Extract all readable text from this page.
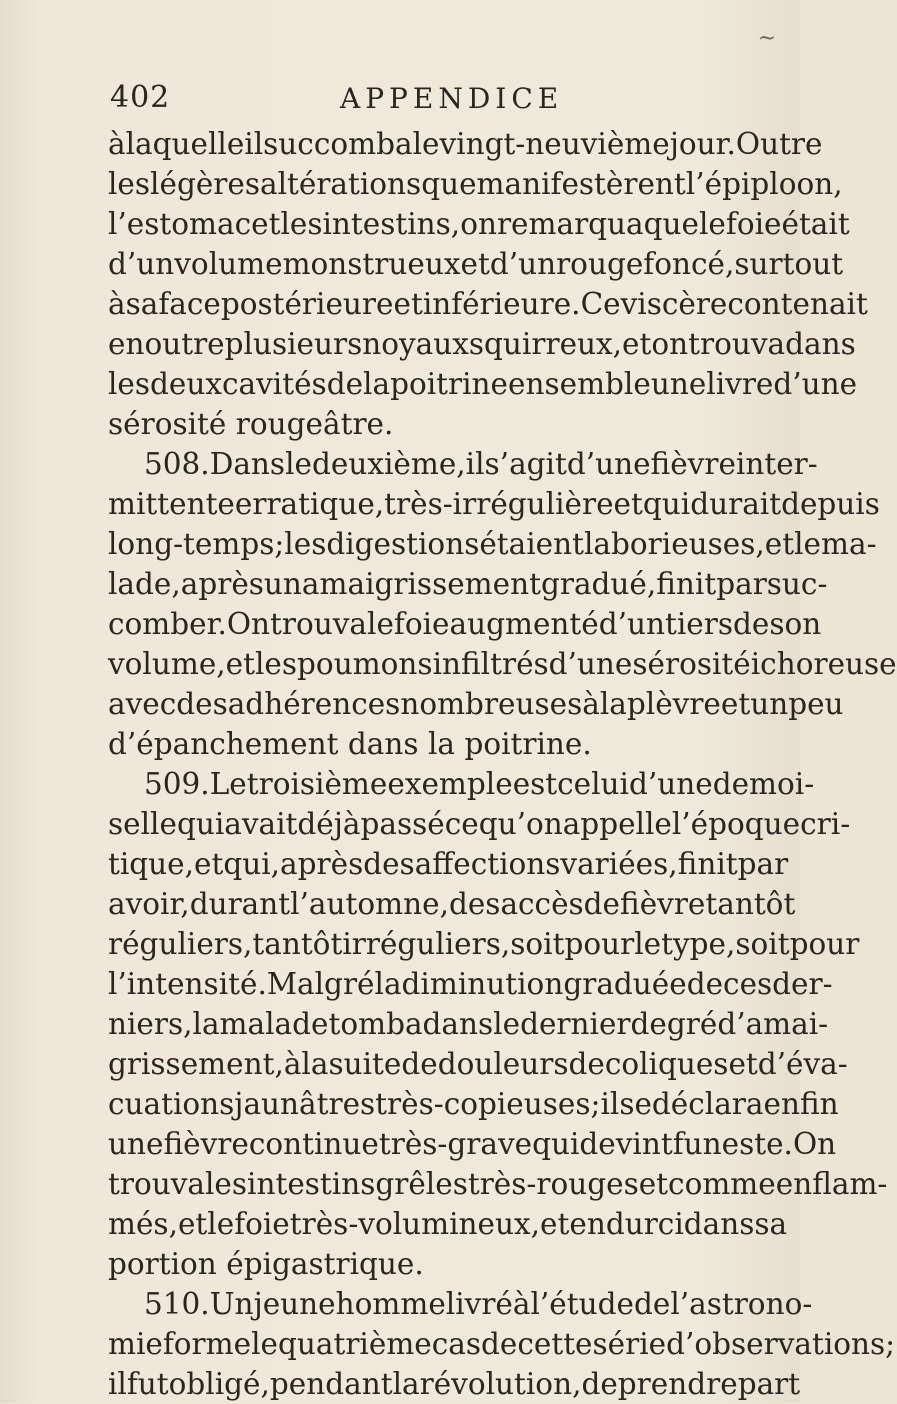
~
402	APPENDICE
à laquelle il succomba le vingt-neuvième jour. Outre
les légères altérations que manifestèrent l’épiploon,
l’estomac et les intestins, on remarqua que le foie était
d’un volume monstrueux et d’un rouge foncé, surtout
à sa face postérieure et inférieure. Ce viscère contenait
en outre plusieurs noyaux squirreux, et on trouva dans
les deux cavités de la poitrine ensemble une livre d’une
sérosité rougeâtre.
508. Dans le deuxième, il s’agit d’une fièvre inter-
mittente erratique, très-irrégulière et qui durait depuis
long-temps; les digestions étaient laborieuses, et le ma-
lade, après un amaigrissement gradué, finit par suc-
comber. On trouva le foie augmenté d’un tiers de son
volume, et les poumons infiltrés d’une sérosité ichoreuse
avec des adhérences nombreuses à la plèvre et un peu
d’épanchement dans la poitrine.
509. Le troisième exemple est celui d’une demoi-
selle qui avait déjà passé ce qu’on appelle l’époque cri-
tique, et qui, après des affections variées, finit par
avoir, durant l’automne, des accès de fièvre tantôt
réguliers, tantôt irréguliers, soit pour le type, soit pour
l’intensité. Malgré la diminution graduée de ces der-
niers, la malade tomba dans le dernier degré d’amai-
grissement, à la suite de douleurs de coliques et d’éva-
cuations jaunâtres très-copieuses; il se déclara enfin
une fièvre continue très-grave qui devint funeste. On
trouva les intestins grêles très-rouges et comme enflam-
més, et le foie très-volumineux, et endurci dans sa
portion épigastrique.
510. Un jeune homme livré à l’étude de l’astrono-
mie forme le quatrième cas de cette série d’observations;
il fut obligé, pendant la révolution, de prendre part
